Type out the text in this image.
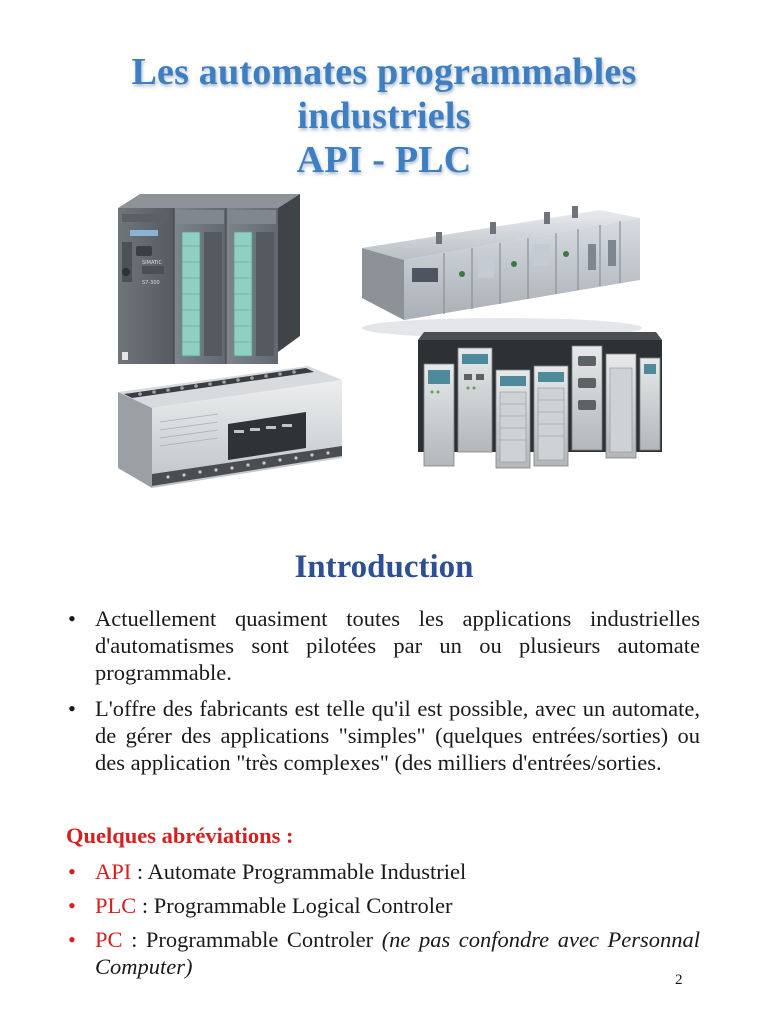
Les automates programmables
industriels
API - PLC
SIMATIC
S7-300
Introduction
• Actuellement quasiment toutes les applications industrielles d'automatismes sont pilotées par un ou plusieurs automate programmable.
• L'offre des fabricants est telle qu'il est possible, avec un automate, de gérer des applications "simples" (quelques entrées/sorties) ou des application "très complexes" (des milliers d'entrées/sorties.
Quelques abréviations :
• API : Automate Programmable Industriel
• PLC : Programmable Logical Controler
• PC : Programmable Controler (ne pas confondre avec Personnal Computer)
2
